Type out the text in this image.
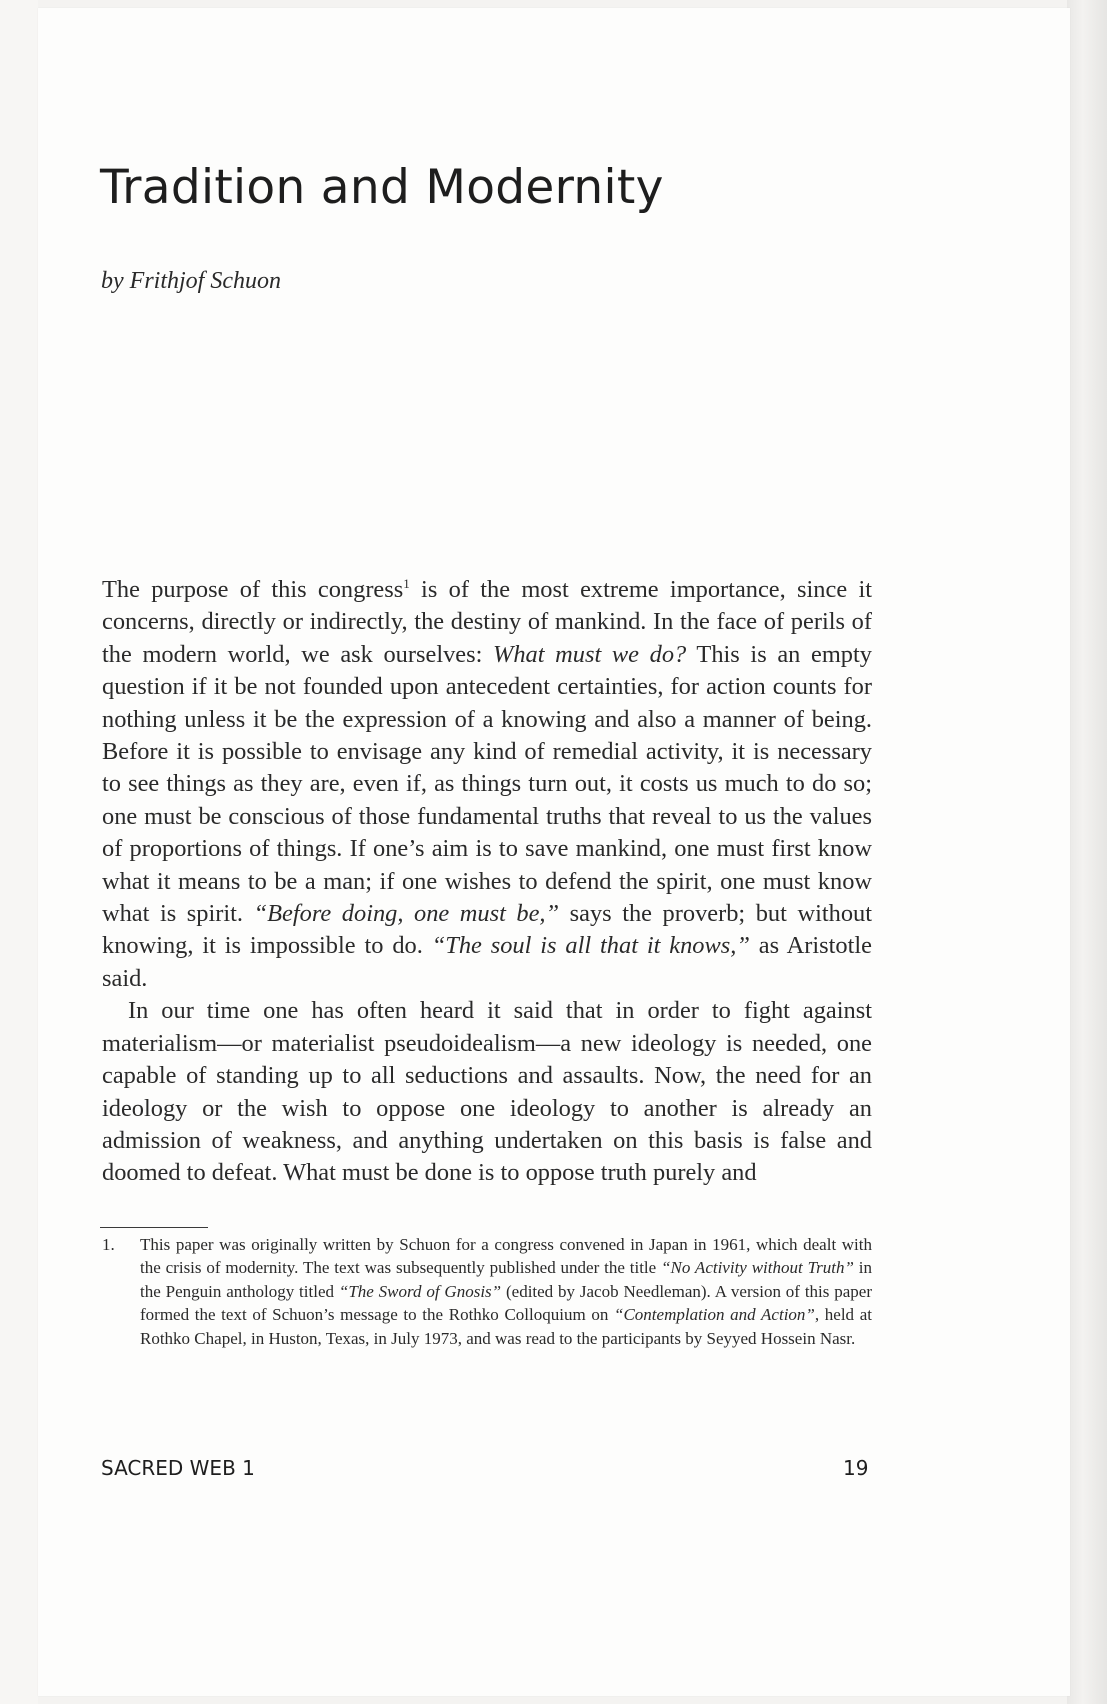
Tradition and Modernity

by Frithjof Schuon

The purpose of this congress$^1$ is of the most extreme importance, since it concerns, directly or indirectly, the destiny of mankind. In the face of perils of the modern world, we ask ourselves: What must we do? This is an empty question if it be not founded upon antecedent certainties, for action counts for nothing unless it be the expression of a knowing and also a manner of being. Before it is possible to envisage any kind of remedial activity, it is necessary to see things as they are, even if, as things turn out, it costs us much to do so; one must be conscious of those fundamental truths that reveal to us the values of proportions of things. If one’s aim is to save mankind, one must first know what it means to be a man; if one wishes to defend the spirit, one must know what is spirit. “Before doing, one must be,” says the proverb; but without knowing, it is impossible to do. “The soul is all that it knows,” as Aristotle said.

In our time one has often heard it said that in order to fight against materialism—or materialist pseudoidealism—a new ideology is needed, one capable of standing up to all seductions and assaults. Now, the need for an ideology or the wish to oppose one ideology to another is already an admission of weakness, and anything undertaken on this basis is false and doomed to defeat. What must be done is to oppose truth purely and

1. This paper was originally written by Schuon for a congress convened in Japan in 1961, which dealt with the crisis of modernity. The text was subsequently published under the title “No Activity without Truth” in the Penguin anthology titled “The Sword of Gnosis” (edited by Jacob Needleman). A version of this paper formed the text of Schuon’s message to the Rothko Colloquium on “Contemplation and Action”, held at Rothko Chapel, in Huston, Texas, in July 1973, and was read to the participants by Seyyed Hossein Nasr.
SACRED WEB 1	19
